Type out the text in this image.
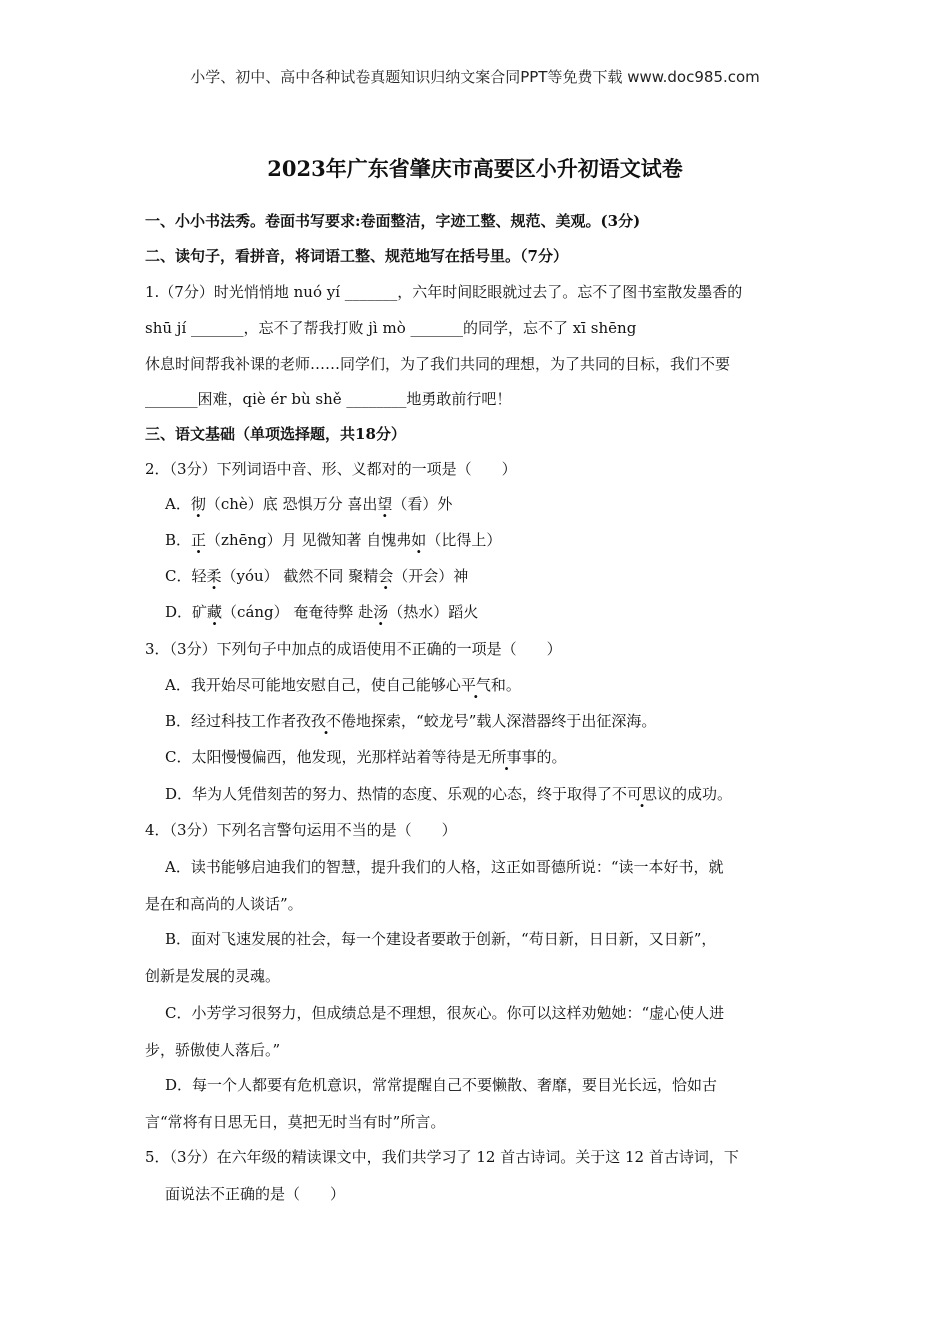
小学、初中、高中各种试卷真题知识归纳文案合同PPT等免费下载 www.doc985.com
2023年广东省肇庆市高要区小升初语文试卷
一、小小书法秀。卷面书写要求:卷面整洁，字迹工整、规范、美观。(3分)
二、读句子，看拼音，将词语工整、规范地写在括号里。（7分）
1.（7分）时光悄悄地 nuó yí _______，六年时间眨眼就过去了。忘不了图书室散发墨香的
shū jí _______，忘不了帮我打败 jì mò _______的同学，忘不了 xī shēng
休息时间帮我补课的老师……同学们，为了我们共同的理想，为了共同的目标，我们不要
_______困难，qiè ér bù shě ________地勇敢前行吧！
三、语文基础（单项选择题，共18分）
2．（3分）下列词语中音、形、义都对的一项是（　　）
A．彻（chè）底 恐惧万分 喜出望（看）外
B．正（zhēng）月 见微知著 自愧弗如（比得上）
C．轻柔（yóu） 截然不同 聚精会（开会）神
D．矿藏（cáng） 奄奄待弊 赴汤（热水）蹈火
3．（3分）下列句子中加点的成语使用不正确的一项是（　　）
A．我开始尽可能地安慰自己，使自己能够心平气和。
B．经过科技工作者孜孜不倦地探索，“蛟龙号”载人深潜器终于出征深海。
C．太阳慢慢偏西，他发现，光那样站着等待是无所事事的。
D．华为人凭借刻苦的努力、热情的态度、乐观的心态，终于取得了不可思议的成功。
4．（3分）下列名言警句运用不当的是（　　）
A．读书能够启迪我们的智慧，提升我们的人格，这正如哥德所说：“读一本好书，就
是在和高尚的人谈话”。
B．面对飞速发展的社会，每一个建设者要敢于创新，“苟日新，日日新，又日新”，
创新是发展的灵魂。
C．小芳学习很努力，但成绩总是不理想，很灰心。你可以这样劝勉她：“虚心使人进
步，骄傲使人落后。”
D．每一个人都要有危机意识，常常提醒自己不要懒散、奢靡，要目光长远，恰如古
言“常将有日思无日，莫把无时当有时”所言。
5．（3分）在六年级的精读课文中，我们共学习了 12 首古诗词。关于这 12 首古诗词，下
面说法不正确的是（　　）
